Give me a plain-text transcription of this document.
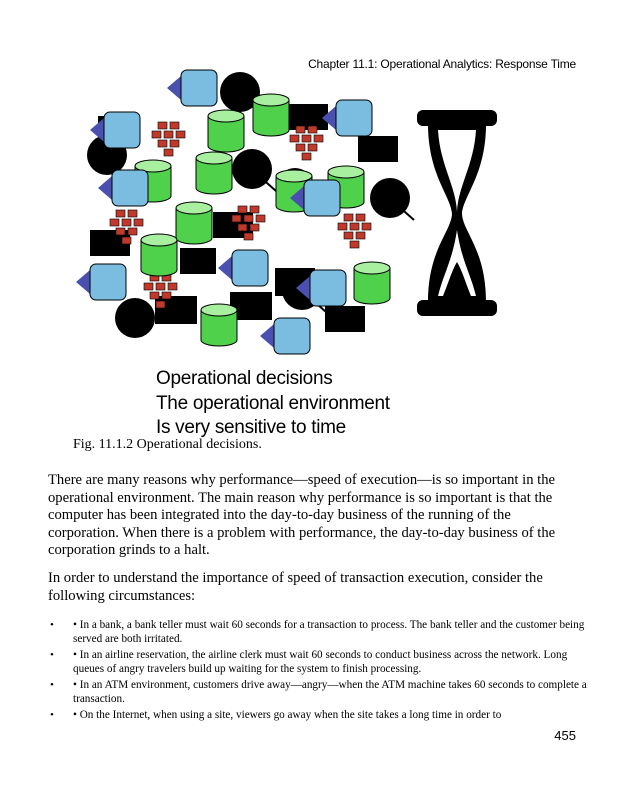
Chapter 11.1: Operational Analytics: Response Time
Operational decisions
The operational environment
Is very sensitive to time
Fig. 11.1.2 Operational decisions.

There are many reasons why performance—speed of execution—is so important in the operational environment. The main reason why performance is so important is that the computer has been integrated into the day-to-day business of the running of the corporation. When there is a problem with performance, the day-to-day business of the corporation grinds to a halt.

In order to understand the importance of speed of transaction execution, consider the following circumstances:

• • In a bank, a bank teller must wait 60 seconds for a transaction to process. The bank teller and the customer being served are both irritated.
• • In an airline reservation, the airline clerk must wait 60 seconds to conduct business across the network. Long queues of angry travelers build up waiting for the system to finish processing.
• • In an ATM environment, customers drive away—angry—when the ATM machine takes 60 seconds to complete a transaction.
• • On the Internet, when using a site, viewers go away when the site takes a long time in order to
455
